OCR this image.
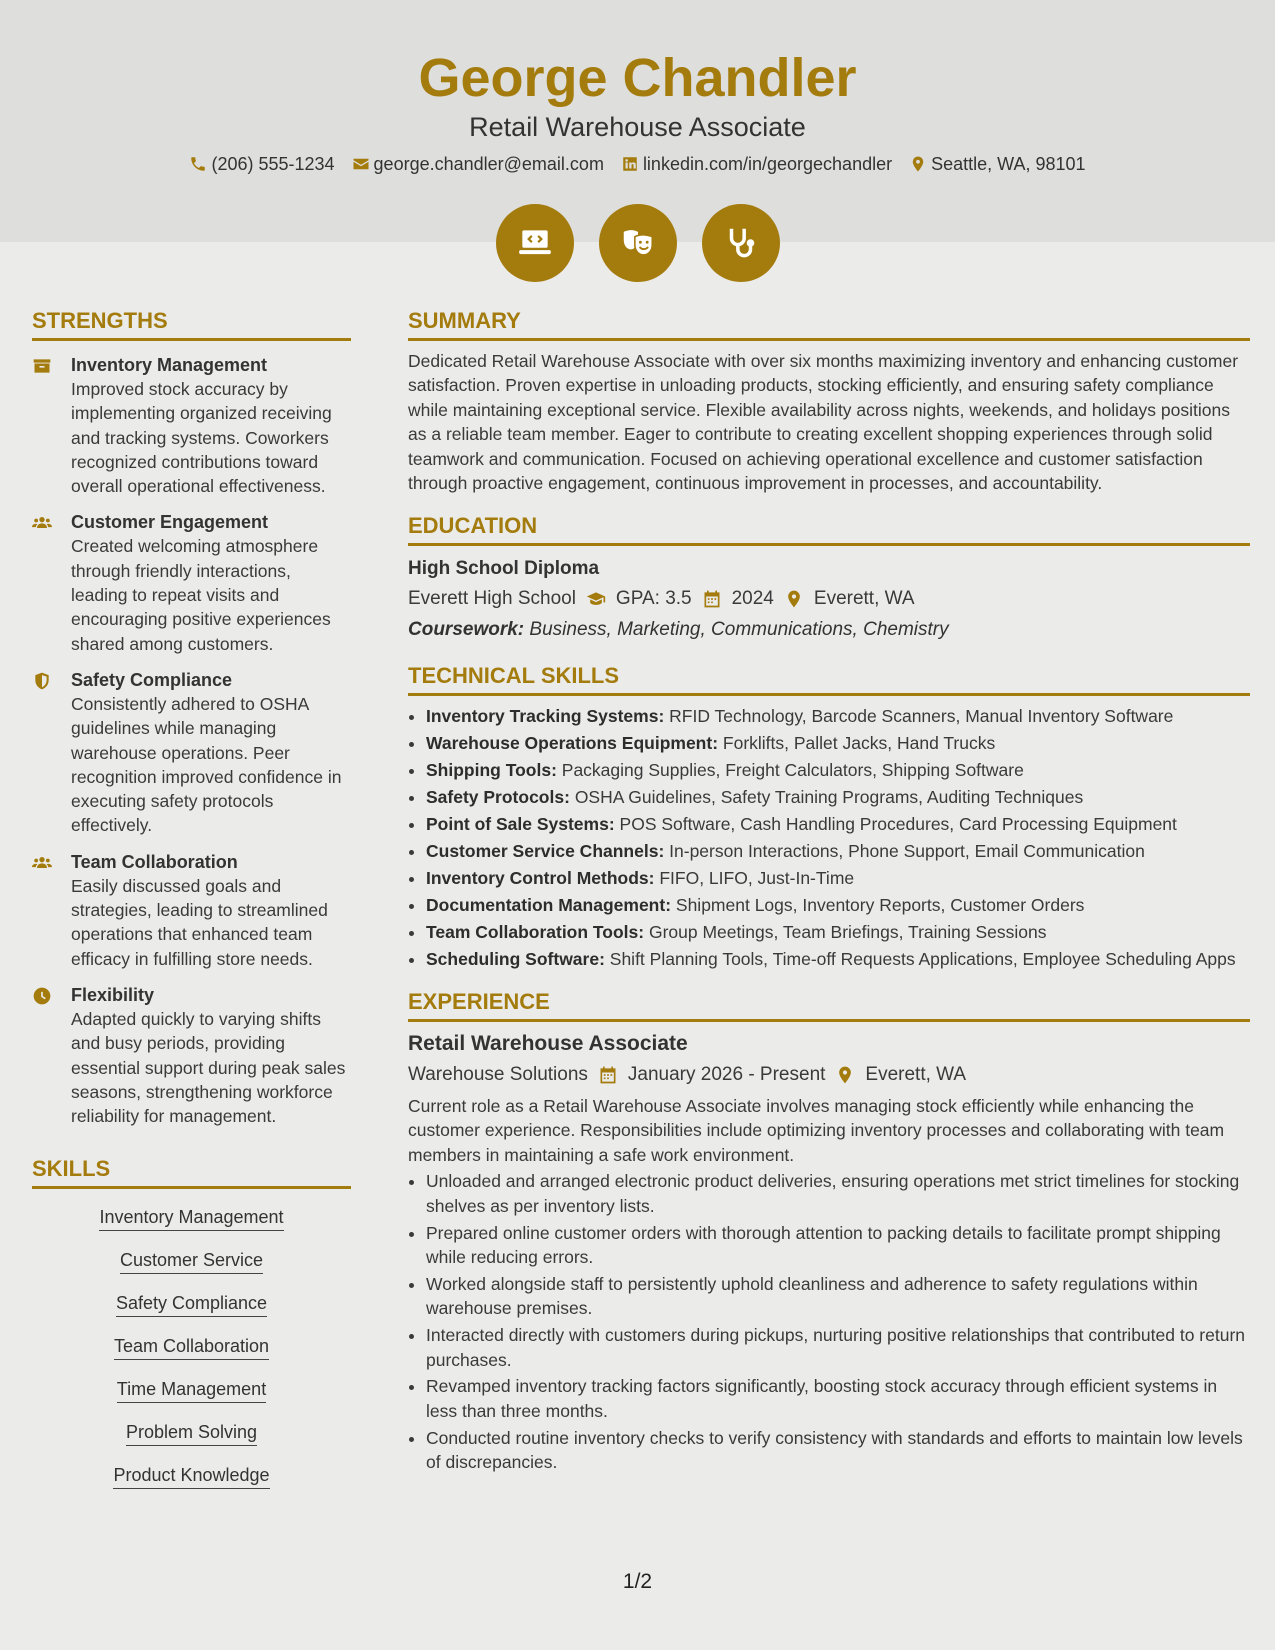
George Chandler
Retail Warehouse Associate
(206) 555-1234 george.chandler@email.com linkedin.com/in/georgechandler Seattle, WA, 98101
STRENGTHS
Inventory Management
Improved stock accuracy by implementing organized receiving and tracking systems. Coworkers recognized contributions toward overall operational effectiveness.
Customer Engagement
Created welcoming atmosphere through friendly interactions, leading to repeat visits and encouraging positive experiences shared among customers.
Safety Compliance
Consistently adhered to OSHA guidelines while managing warehouse operations. Peer recognition improved confidence in executing safety protocols effectively.
Team Collaboration
Easily discussed goals and strategies, leading to streamlined operations that enhanced team efficacy in fulfilling store needs.
Flexibility
Adapted quickly to varying shifts and busy periods, providing essential support during peak sales seasons, strengthening workforce reliability for management.
SKILLS
Inventory Management
Customer Service
Safety Compliance
Team Collaboration
Time Management
Problem Solving
Product Knowledge
SUMMARY

Dedicated Retail Warehouse Associate with over six months maximizing inventory and enhancing customer satisfaction. Proven expertise in unloading products, stocking efficiently, and ensuring safety compliance while maintaining exceptional service. Flexible availability across nights, weekends, and holidays positions as a reliable team member. Eager to contribute to creating excellent shopping experiences through solid teamwork and communication. Focused on achieving operational excellence and customer satisfaction through proactive engagement, continuous improvement in processes, and accountability.

EDUCATION
High School Diploma
Everett High School GPA: 3.5 2024 Everett, WA
Coursework: Business, Marketing, Communications, Chemistry
TECHNICAL SKILLS
• Inventory Tracking Systems: RFID Technology, Barcode Scanners, Manual Inventory Software
• Warehouse Operations Equipment: Forklifts, Pallet Jacks, Hand Trucks
• Shipping Tools: Packaging Supplies, Freight Calculators, Shipping Software
• Safety Protocols: OSHA Guidelines, Safety Training Programs, Auditing Techniques
• Point of Sale Systems: POS Software, Cash Handling Procedures, Card Processing Equipment
• Customer Service Channels: In-person Interactions, Phone Support, Email Communication
• Inventory Control Methods: FIFO, LIFO, Just-In-Time
• Documentation Management: Shipment Logs, Inventory Reports, Customer Orders
• Team Collaboration Tools: Group Meetings, Team Briefings, Training Sessions
• Scheduling Software: Shift Planning Tools, Time-off Requests Applications, Employee Scheduling Apps
EXPERIENCE
Retail Warehouse Associate
Warehouse Solutions January 2026 - Present Everett, WA

Current role as a Retail Warehouse Associate involves managing stock efficiently while enhancing the customer experience. Responsibilities include optimizing inventory processes and collaborating with team members in maintaining a safe work environment.

• Unloaded and arranged electronic product deliveries, ensuring operations met strict timelines for stocking shelves as per inventory lists.
• Prepared online customer orders with thorough attention to packing details to facilitate prompt shipping while reducing errors.
• Worked alongside staff to persistently uphold cleanliness and adherence to safety regulations within warehouse premises.
• Interacted directly with customers during pickups, nurturing positive relationships that contributed to return purchases.
• Revamped inventory tracking factors significantly, boosting stock accuracy through efficient systems in less than three months.
• Conducted routine inventory checks to verify consistency with standards and efforts to maintain low levels of discrepancies.
1/2
